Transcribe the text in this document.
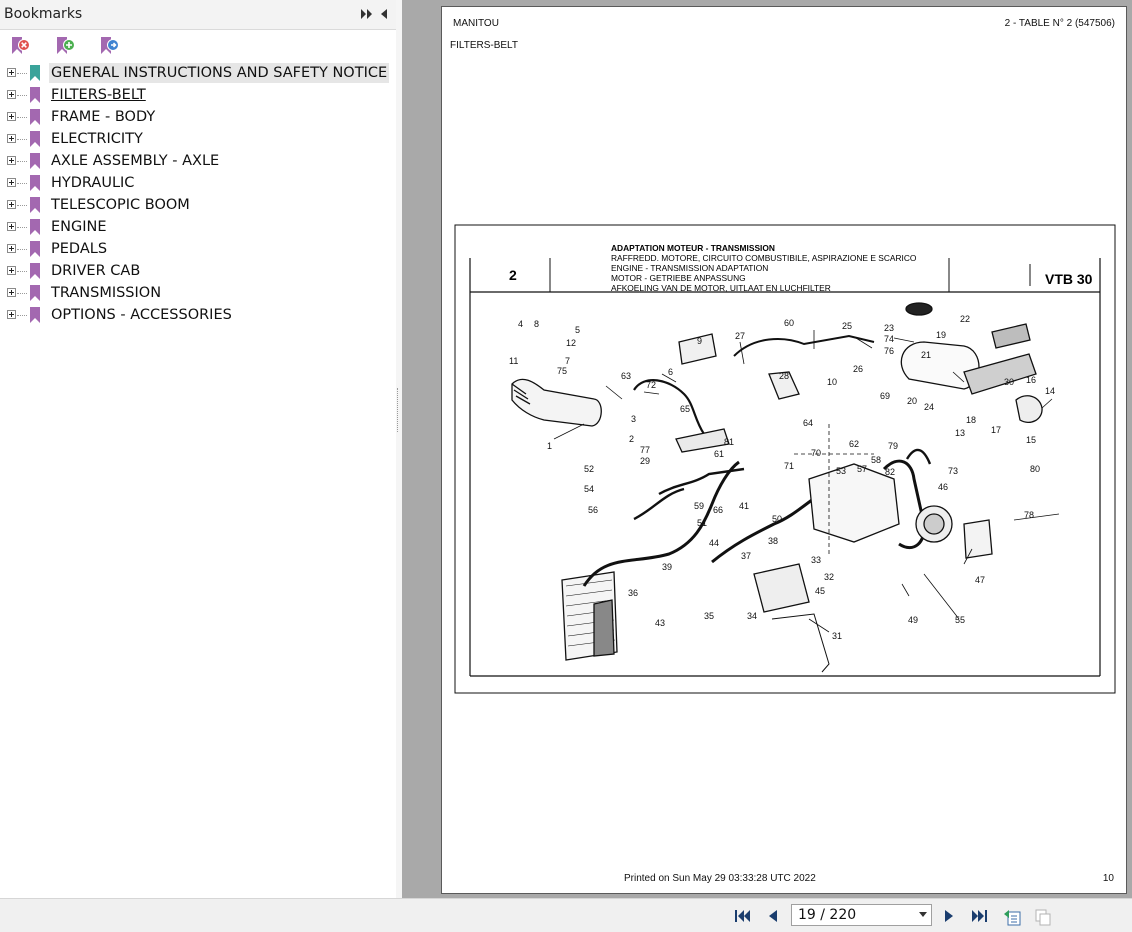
Bookmarks
GENERAL INSTRUCTIONS AND SAFETY NOTICE
FILTERS-BELT
FRAME - BODY
ELECTRICITY
AXLE ASSEMBLY - AXLE
HYDRAULIC
TELESCOPIC BOOM
ENGINE
PEDALS
DRIVER CAB
TRANSMISSION
OPTIONS - ACCESSORIES
MANITOU	2 - TABLE N° 2 (547506)
FILTERS-BELT
2	VTB 30
ADAPTATION MOTEUR - TRANSMISSION
RAFFREDD. MOTORE, CIRCUITO COMBUSTIBILE, ASPIRAZIONE E SCARICO
ENGINE - TRANSMISSION ADAPTATION
MOTOR - GETRIEBE ANPASSUNG
AFKOELING VAN DE MOTOR, UITLAAT EN LUCHFILTER
1
2
3
4
5
6
7
8
9
10
11
12
13
14
15
16
17
18
19
20
21
22
23
24
25
26
27
28
29
30
31
32
33
34
35
36
37
38
39
41
43
44
45
46
47
49
50
51
52	53
54
55
56
57
58
59
60
61
62
63
64
65
66
69
70
71
72
73
74
75
76
77
78
79
80
81
82
Printed on Sun May 29 03:33:28 UTC 2022	10
19 / 220
